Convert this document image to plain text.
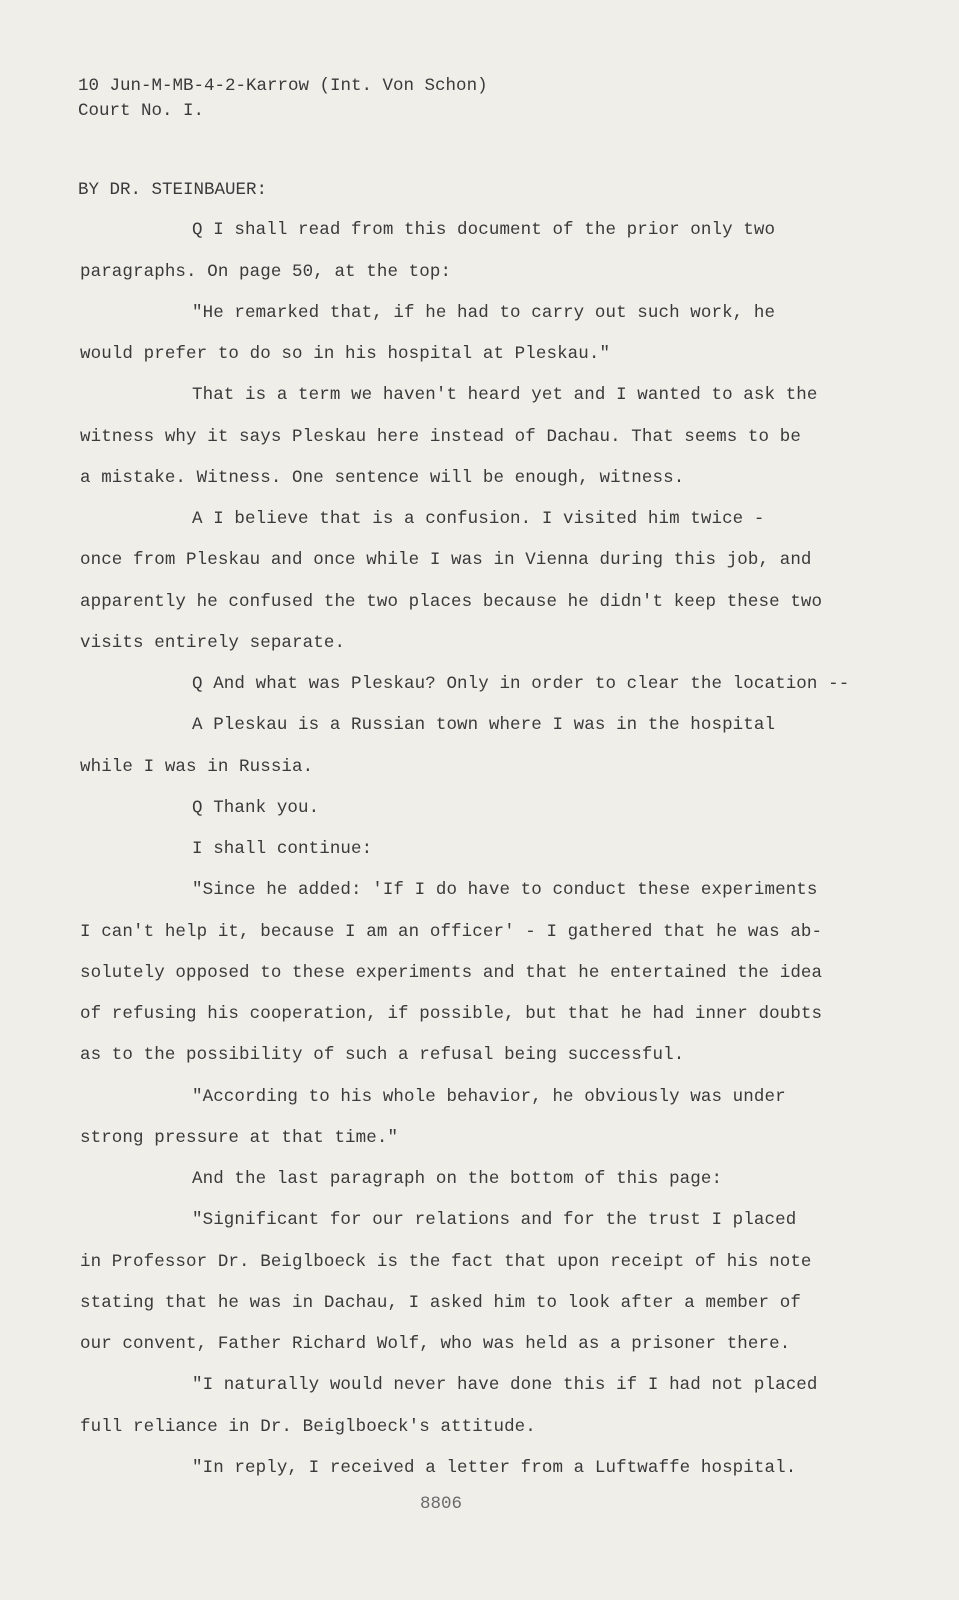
10 Jun-M-MB-4-2-Karrow (Int. Von Schon)
Court No. I.
BY DR. STEINBAUER:
Q I shall read from this document of the prior only two
paragraphs. On page 50, at the top:
"He remarked that, if he had to carry out such work, he
would prefer to do so in his hospital at Pleskau."
That is a term we haven't heard yet and I wanted to ask the
witness why it says Pleskau here instead of Dachau. That seems to be
a mistake. Witness. One sentence will be enough, witness.
A I believe that is a confusion. I visited him twice -
once from Pleskau and once while I was in Vienna during this job, and
apparently he confused the two places because he didn't keep these two
visits entirely separate.
Q And what was Pleskau? Only in order to clear the location --
A Pleskau is a Russian town where I was in the hospital
while I was in Russia.
Q Thank you.
I shall continue:
"Since he added: 'If I do have to conduct these experiments
I can't help it, because I am an officer' - I gathered that he was ab-
solutely opposed to these experiments and that he entertained the idea
of refusing his cooperation, if possible, but that he had inner doubts
as to the possibility of such a refusal being successful.
"According to his whole behavior, he obviously was under
strong pressure at that time."
And the last paragraph on the bottom of this page:
"Significant for our relations and for the trust I placed
in Professor Dr. Beiglboeck is the fact that upon receipt of his note
stating that he was in Dachau, I asked him to look after a member of
our convent, Father Richard Wolf, who was held as a prisoner there.
"I naturally would never have done this if I had not placed
full reliance in Dr. Beiglboeck's attitude.
"In reply, I received a letter from a Luftwaffe hospital.
8806
